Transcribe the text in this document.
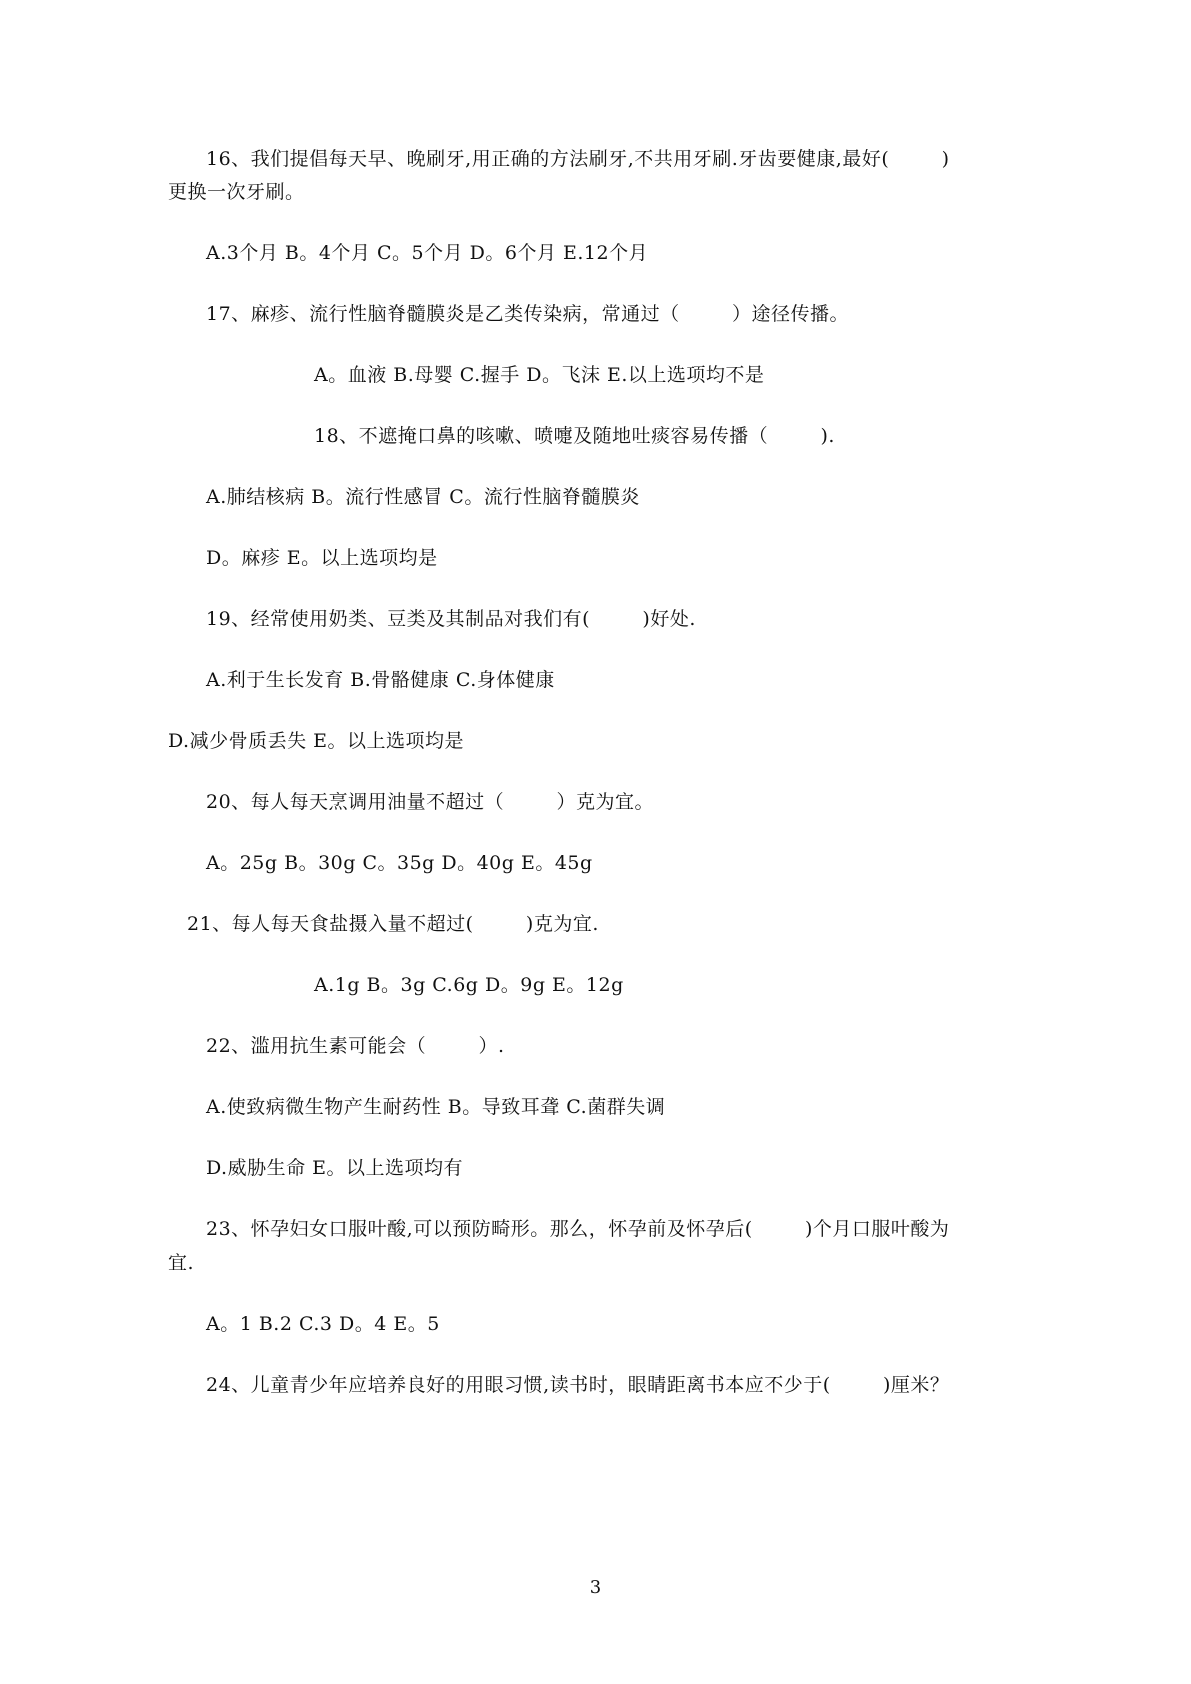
16、我们提倡每天早、晚刷牙,用正确的方法刷牙,不共用牙刷.牙齿要健康,最好(        )
更换一次牙刷。
A.3个月 B。4个月 C。5个月 D。6个月 E.12个月
17、麻疹、流行性脑脊髓膜炎是乙类传染病，常通过（        ）途径传播。
A。血液 B.母婴 C.握手 D。飞沫 E.以上选项均不是
18、不遮掩口鼻的咳嗽、喷嚏及随地吐痰容易传播（        ).
A.肺结核病 B。流行性感冒 C。流行性脑脊髓膜炎
D。麻疹 E。以上选项均是
19、经常使用奶类、豆类及其制品对我们有(        )好处.
A.利于生长发育 B.骨骼健康 C.身体健康
D.减少骨质丢失 E。以上选项均是
20、每人每天烹调用油量不超过（        ）克为宜。
A。25g B。30g C。35g D。40g E。45g
21、每人每天食盐摄入量不超过(        )克为宜.
A.1g B。3g C.6g D。9g E。12g
22、滥用抗生素可能会（        ）.
A.使致病微生物产生耐药性 B。导致耳聋 C.菌群失调
D.威胁生命 E。以上选项均有
23、怀孕妇女口服叶酸,可以预防畸形。那么，怀孕前及怀孕后(        )个月口服叶酸为
宜.
A。1 B.2 C.3 D。4 E。5
24、儿童青少年应培养良好的用眼习惯,读书时，眼睛距离书本应不少于(        )厘米？
3
